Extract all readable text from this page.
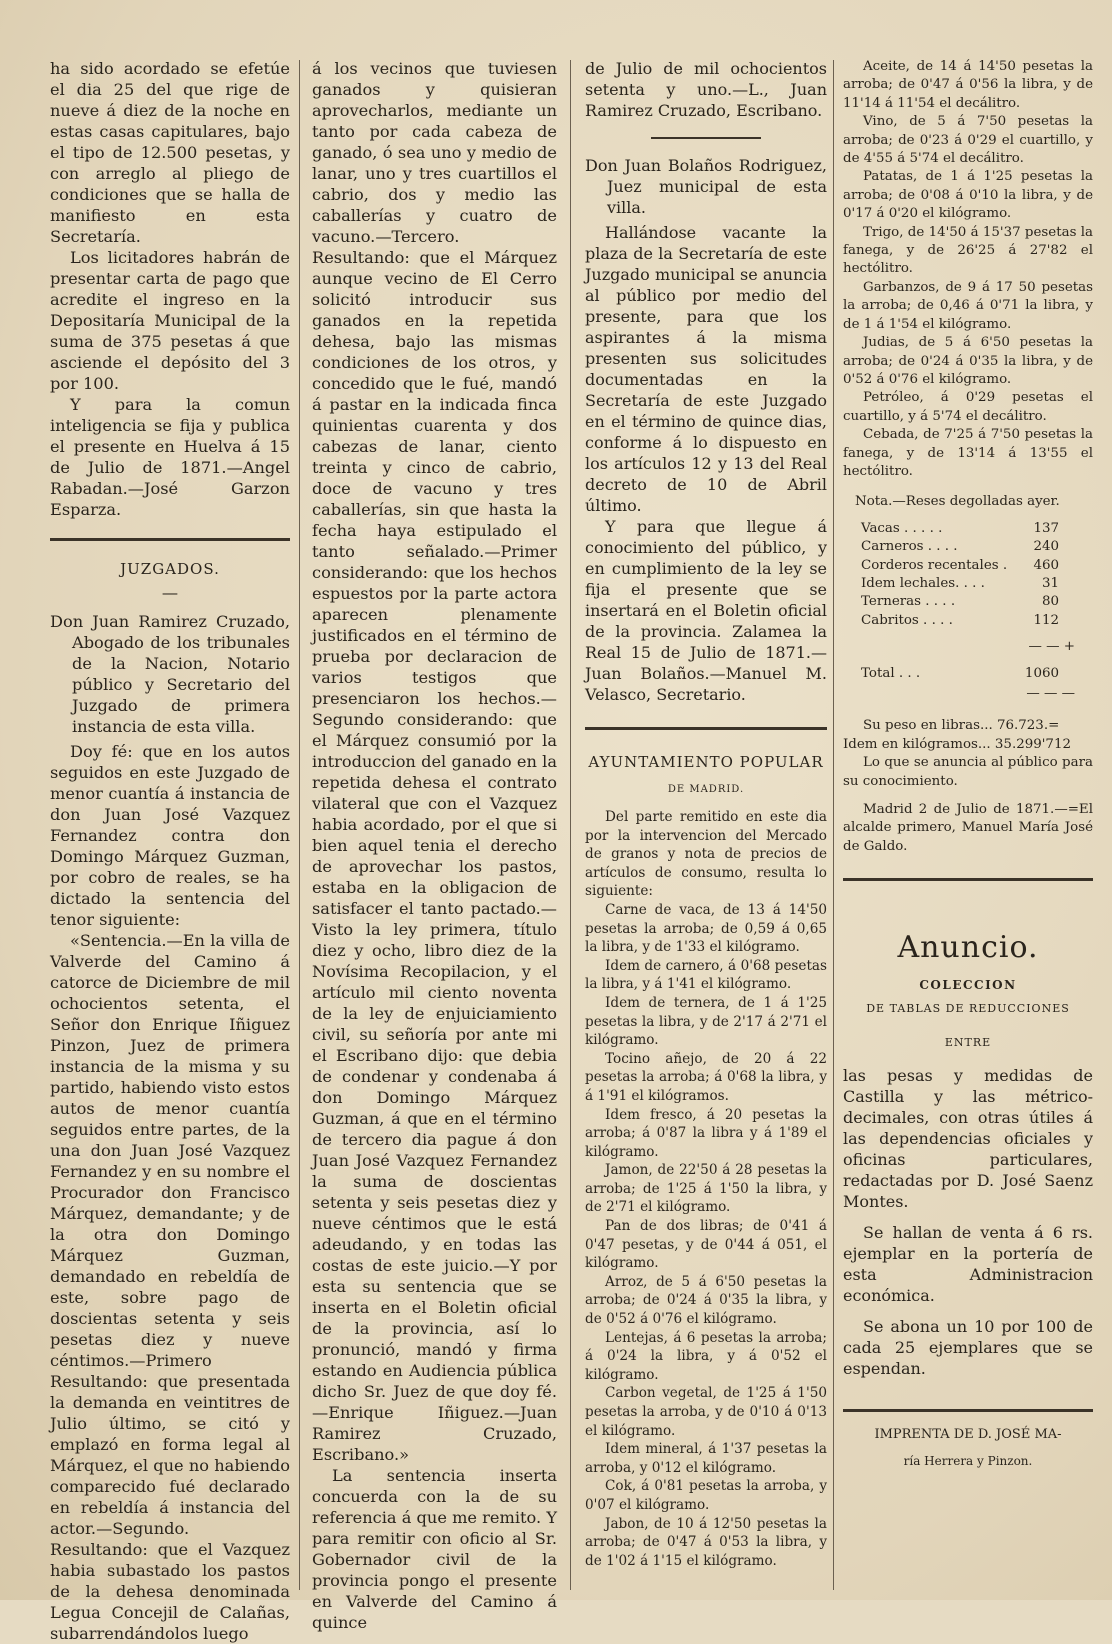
ha sido acordado se efetúe el dia 25 del que rige de nueve á diez de la noche en estas casas capitulares, bajo el tipo de 12.500 pesetas, y con arreglo al pliego de condiciones que se halla de manifiesto en esta Secretaría.

Los licitadores habrán de presentar carta de pago que acredite el ingreso en la Depositaría Municipal de la suma de 375 pesetas á que asciende el depósito del 3 por 100.

Y para la comun inteligencia se fija y publica el presente en Huelva á 15 de Julio de 1871.—Angel Rabadan.—José Garzon Esparza.

JUZGADOS.
—

Don Juan Ramirez Cruzado, Abogado de los tribunales de la Nacion, Notario público y Secretario del Juzgado de primera instancia de esta villa.

Doy fé: que en los autos seguidos en este Juzgado de menor cuantía á instancia de don Juan José Vazquez Fernandez contra don Domingo Márquez Guzman, por cobro de reales, se ha dictado la sentencia del tenor siguiente:

«Sentencia.—En la villa de Valverde del Camino á catorce de Diciembre de mil ochocientos setenta, el Señor don Enrique Iñiguez Pinzon, Juez de primera instancia de la misma y su partido, habiendo visto estos autos de menor cuantía seguidos entre partes, de la una don Juan José Vazquez Fernandez y en su nombre el Procurador don Francisco Márquez, demandante; y de la otra don Domingo Márquez Guzman, demandado en rebeldía de este, sobre pago de doscientas setenta y seis pesetas diez y nueve céntimos.—Primero Resultando: que presentada la demanda en veintitres de Julio último, se citó y emplazó en forma legal al Márquez, el que no habiendo comparecido fué declarado en rebeldía á instancia del actor.—Segundo. Resultando: que el Vazquez habia subastado los pastos de la dehesa denominada Legua Concejil de Calañas, subarrendándolos luego

á los vecinos que tuviesen ganados y quisieran aprovecharlos, mediante un tanto por cada cabeza de ganado, ó sea uno y medio de lanar, uno y tres cuartillos el cabrio, dos y medio las caballerías y cuatro de vacuno.—Tercero. Resultando: que el Márquez aunque vecino de El Cerro solicitó introducir sus ganados en la repetida dehesa, bajo las mismas condiciones de los otros, y concedido que le fué, mandó á pastar en la indicada finca quinientas cuarenta y dos cabezas de lanar, ciento treinta y cinco de cabrio, doce de vacuno y tres caballerías, sin que hasta la fecha haya estipulado el tanto señalado.—Primer considerando: que los hechos espuestos por la parte actora aparecen plenamente justificados en el término de prueba por declaracion de varios testigos que presenciaron los hechos.—Segundo considerando: que el Márquez consumió por la introduccion del ganado en la repetida dehesa el contrato vilateral que con el Vazquez habia acordado, por el que si bien aquel tenia el derecho de aprovechar los pastos, estaba en la obligacion de satisfacer el tanto pactado.—Visto la ley primera, título diez y ocho, libro diez de la Novísima Recopilacion, y el artículo mil ciento noventa de la ley de enjuiciamiento civil, su señoría por ante mi el Escribano dijo: que debia de condenar y condenaba á don Domingo Márquez Guzman, á que en el término de tercero dia pague á don Juan José Vazquez Fernandez la suma de doscientas setenta y seis pesetas diez y nueve céntimos que le está adeudando, y en todas las costas de este juicio.—Y por esta su sentencia que se inserta en el Boletin oficial de la provincia, así lo pronunció, mandó y firma estando en Audiencia pública dicho Sr. Juez de que doy fé.—Enrique Iñiguez.—Juan Ramirez Cruzado, Escribano.»

La sentencia inserta concuerda con la de su referencia á que me remito. Y para remitir con oficio al Sr. Gobernador civil de la provincia pongo el presente en Valverde del Camino á quince

de Julio de mil ochocientos setenta y uno.—L., Juan Ramirez Cruzado, Escribano.

Don Juan Bolaños Rodriguez, Juez municipal de esta villa.

Hallándose vacante la plaza de la Secretaría de este Juzgado municipal se anuncia al público por medio del presente, para que los aspirantes á la misma presenten sus solicitudes documentadas en la Secretaría de este Juzgado en el término de quince dias, conforme á lo dispuesto en los artículos 12 y 13 del Real decreto de 10 de Abril último.

Y para que llegue á conocimiento del público, y en cumplimiento de la ley se fija el presente que se insertará en el Boletin oficial de la provincia. Zalamea la Real 15 de Julio de 1871.—Juan Bolaños.—Manuel M. Velasco, Secretario.

AYUNTAMIENTO POPULAR
DE MADRID.

Del parte remitido en este dia por la intervencion del Mercado de granos y nota de precios de artículos de consumo, resulta lo siguiente:

Carne de vaca, de 13 á 14'50 pesetas la arroba; de 0,59 á 0,65 la libra, y de 1'33 el kilógramo.

Idem de carnero, á 0'68 pesetas la libra, y á 1'41 el kilógramo.

Idem de ternera, de 1 á 1'25 pesetas la libra, y de 2'17 á 2'71 el kilógramo.

Tocino añejo, de 20 á 22 pesetas la arroba; á 0'68 la libra, y á 1'91 el kilógramos.

Idem fresco, á 20 pesetas la arroba; á 0'87 la libra y á 1'89 el kilógramo.

Jamon, de 22'50 á 28 pesetas la arroba; de 1'25 á 1'50 la libra, y de 2'71 el kilógramo.

Pan de dos libras; de 0'41 á 0'47 pesetas, y de 0'44 á 051, el kilógramo.

Arroz, de 5 á 6'50 pesetas la arroba; de 0'24 á 0'35 la libra, y de 0'52 á 0'76 el kilógramo.

Lentejas, á 6 pesetas la arroba; á 0'24 la libra, y á 0'52 el kilógramo.

Carbon vegetal, de 1'25 á 1'50 pesetas la arroba, y de 0'10 á 0'13 el kilógramo.

Idem mineral, á 1'37 pesetas la arroba, y 0'12 el kilógramo.

Cok, á 0'81 pesetas la arroba, y 0'07 el kilógramo.

Jabon, de 10 á 12'50 pesetas la arroba; de 0'47 á 0'53 la libra, y de 1'02 á 1'15 el kilógramo.

Aceite, de 14 á 14'50 pesetas la arroba; de 0'47 á 0'56 la libra, y de 11'14 á 11'54 el decálitro.

Vino, de 5 á 7'50 pesetas la arroba; de 0'23 á 0'29 el cuartillo, y de 4'55 á 5'74 el decálitro.

Patatas, de 1 á 1'25 pesetas la arroba; de 0'08 á 0'10 la libra, y de 0'17 á 0'20 el kilógramo.

Trigo, de 14'50 á 15'37 pesetas la fanega, y de 26'25 á 27'82 el hectólitro.

Garbanzos, de 9 á 17 50 pesetas la arroba; de 0,46 á 0'71 la libra, y de 1 á 1'54 el kilógramo.

Judias, de 5 á 6'50 pesetas la arroba; de 0'24 á 0'35 la libra, y de 0'52 á 0'76 el kilógramo.

Petróleo, á 0'29 pesetas el cuartillo, y á 5'74 el decálitro.

Cebada, de 7'25 á 7'50 pesetas la fanega, y de 13'14 á 13'55 el hectólitro.

Nota.—Reses degolladas ayer.

Vacas . . . . .	137
Carneros . . . .	240
Corderos recentales .	460
Idem lechales. . . .	31
Terneras . . . .	80
Cabritos . . . .	112
— — +
Total . . .	1060
— — —

Su peso en libras... 76.723.=

Idem en kilógramos... 35.299'712

Lo que se anuncia al público para su conocimiento.

Madrid 2 de Julio de 1871.—=El alcalde primero, Manuel María José de Galdo.

Anuncio.
COLECCION
DE TABLAS DE REDUCCIONES
ENTRE

las pesas y medidas de Castilla y las métrico-decimales, con otras útiles á las dependencias oficiales y oficinas particulares, redactadas por D. José Saenz Montes.

Se hallan de venta á 6 rs. ejemplar en la portería de esta Administracion económica.

Se abona un 10 por 100 de cada 25 ejemplares que se espendan.

IMPRENTA DE D. JOSÉ MA-
ría Herrera y Pinzon.
